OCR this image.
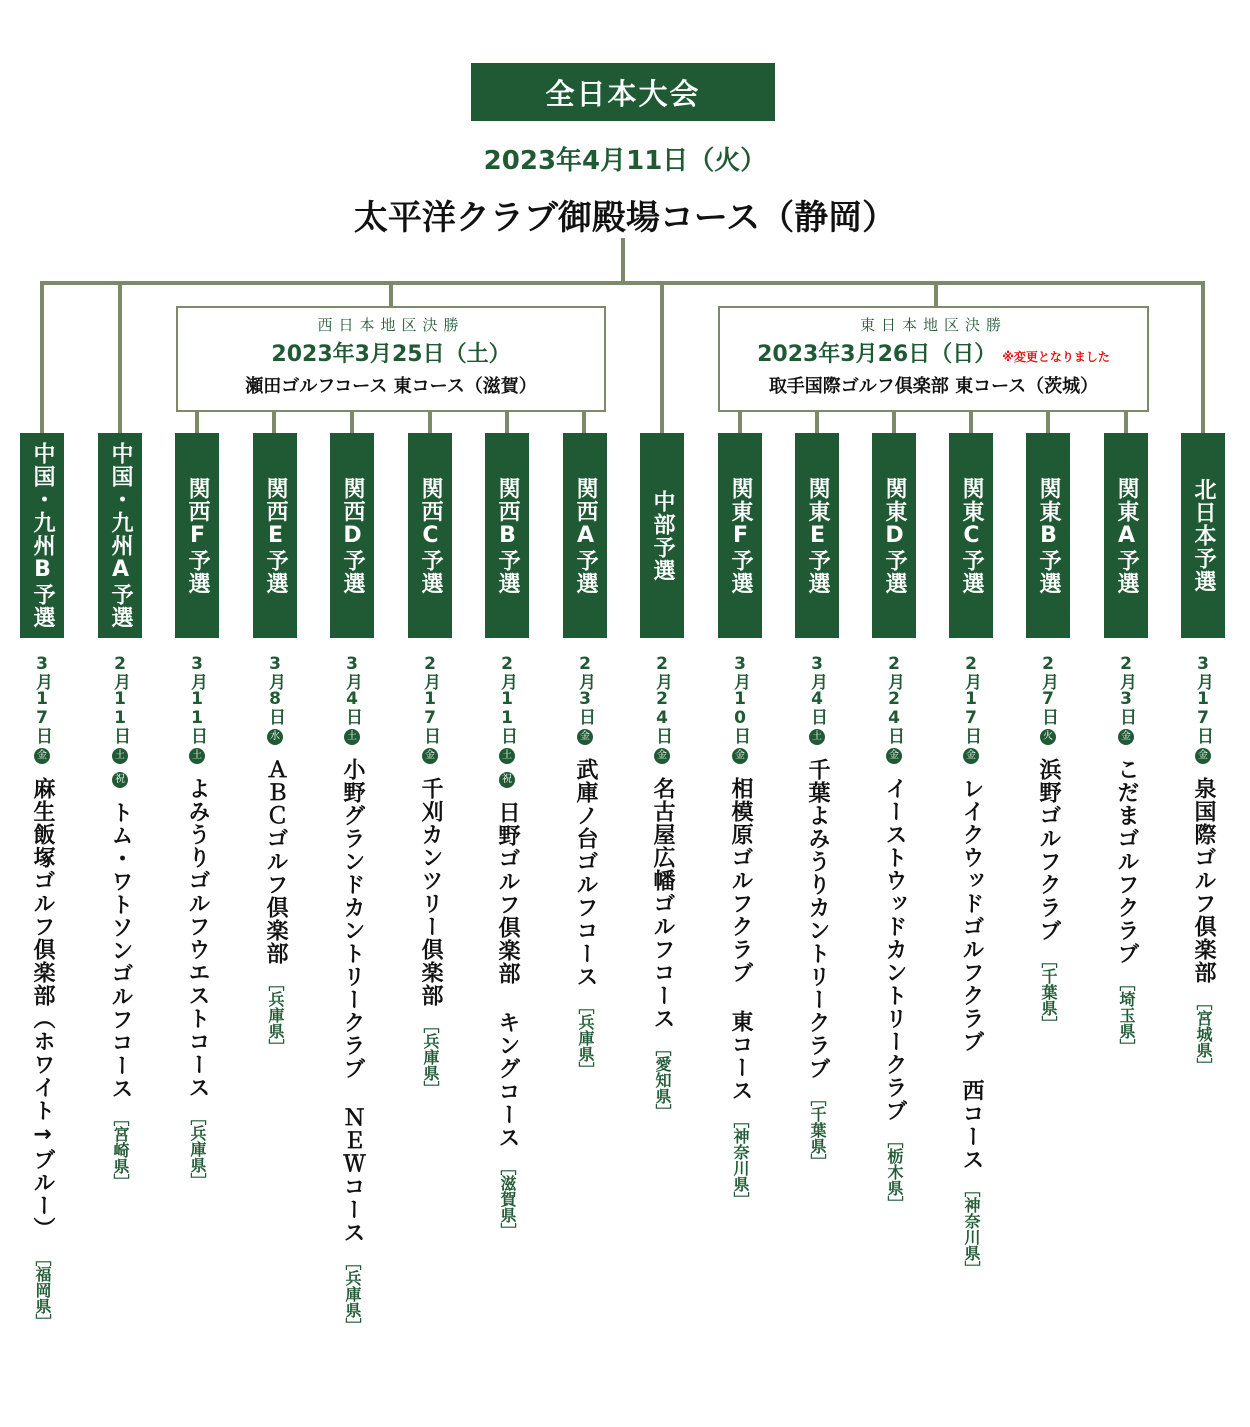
全日本大会
2023年4月11日（火）
太平洋クラブ御殿場コース（静岡）
西日本地区決勝
2023年3月25日（土）
瀬田ゴルフコース 東コース（滋賀）
東日本地区決勝
2023年3月26日（日） ※変更となりました
取手国際ゴルフ倶楽部 東コース（茨城）
中国・九州B予選
3月17日
金
麻生飯塚ゴルフ倶楽部（ホワイト→ブルー）
［福岡県］
中国・九州A予選
2月11日
土
祝
トム・ワトソンゴルフコース
［宮崎県］
関西F予選
3月11日
土
よみうりゴルフウエストコース
［兵庫県］
関西E予選
3月8日
水
ＡＢＣゴルフ倶楽部
［兵庫県］
関西D予選
3月4日
土
小野グランドカントリークラブ ＮＥＷコース
［兵庫県］
関西C予選
2月17日
金
千刈カンツリー倶楽部
［兵庫県］
関西B予選
2月11日
土
祝
日野ゴルフ倶楽部 キングコース
［滋賀県］
関西A予選
2月3日
金
武庫ノ台ゴルフコース
［兵庫県］
中部予選
2月24日
金
名古屋広幡ゴルフコース
［愛知県］
関東F予選
3月10日
金
相模原ゴルフクラブ 東コース
［神奈川県］
関東E予選
3月4日
土
千葉よみうりカントリークラブ
［千葉県］
関東D予選
2月24日
金
イーストウッドカントリークラブ
［栃木県］
関東C予選
2月17日
金
レイクウッドゴルフクラブ 西コース
［神奈川県］
関東B予選
2月7日
火
浜野ゴルフクラブ
［千葉県］
関東A予選
2月3日
金
こだまゴルフクラブ
［埼玉県］
北日本予選
3月17日
金
泉国際ゴルフ倶楽部
［宮城県］
